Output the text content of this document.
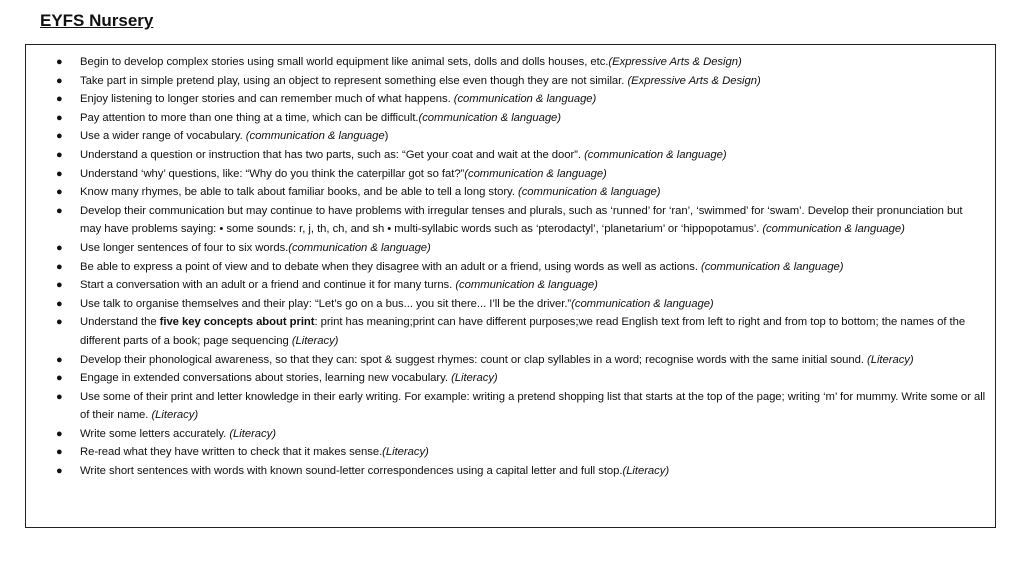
EYFS Nursery
● Begin to develop complex stories using small world equipment like animal sets, dolls and dolls houses, etc.(Expressive Arts & Design)
● Take part in simple pretend play, using an object to represent something else even though they are not similar. (Expressive Arts & Design)
● Enjoy listening to longer stories and can remember much of what happens. (communication & language)
● Pay attention to more than one thing at a time, which can be difficult.(communication & language)
● Use a wider range of vocabulary. (communication & language)
● Understand a question or instruction that has two parts, such as: “Get your coat and wait at the door”. (communication & language)
● Understand ‘why’ questions, like: “Why do you think the caterpillar got so fat?”(communication & language)
● Know many rhymes, be able to talk about familiar books, and be able to tell a long story. (communication & language)
● Develop their communication but may continue to have problems with irregular tenses and plurals, such as ‘runned’ for ‘ran’, ‘swimmed’ for ‘swam’. Develop their pronunciation but may have problems saying: • some sounds: r, j, th, ch, and sh • multi-syllabic words such as ‘pterodactyl’, ‘planetarium’ or ‘hippopotamus’. (communication & language)
● Use longer sentences of four to six words.(communication & language)
● Be able to express a point of view and to debate when they disagree with an adult or a friend, using words as well as actions. (communication & language)
● Start a conversation with an adult or a friend and continue it for many turns. (communication & language)
● Use talk to organise themselves and their play: “Let’s go on a bus... you sit there... I’ll be the driver.”(communication & language)
● Understand the five key concepts about print: print has meaning;print can have different purposes;we read English text from left to right and from top to bottom; the names of the different parts of a book; page sequencing (Literacy)
● Develop their phonological awareness, so that they can: spot & suggest rhymes: count or clap syllables in a word; recognise words with the same initial sound. (Literacy)
● Engage in extended conversations about stories, learning new vocabulary. (Literacy)
● Use some of their print and letter knowledge in their early writing. For example: writing a pretend shopping list that starts at the top of the page; writing ‘m’ for mummy. Write some or all of their name. (Literacy)
● Write some letters accurately. (Literacy)
● Re-read what they have written to check that it makes sense.(Literacy)
● Write short sentences with words with known sound-letter correspondences using a capital letter and full stop.(Literacy)
